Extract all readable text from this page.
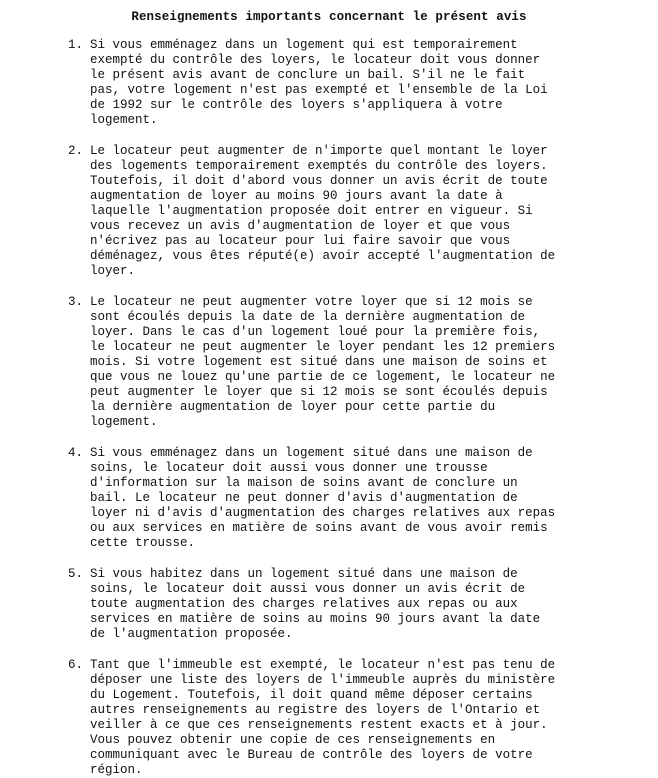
Renseignements importants concernant le présent avis
1. Si vous emménagez dans un logement qui est temporairement
exempté du contrôle des loyers, le locateur doit vous donner
le présent avis avant de conclure un bail. S'il ne le fait
pas, votre logement n'est pas exempté et l'ensemble de la Loi
de 1992 sur le contrôle des loyers s'appliquera à votre
logement.
2. Le locateur peut augmenter de n'importe quel montant le loyer
des logements temporairement exemptés du contrôle des loyers.
Toutefois, il doit d'abord vous donner un avis écrit de toute
augmentation de loyer au moins 90 jours avant la date à
laquelle l'augmentation proposée doit entrer en vigueur. Si
vous recevez un avis d'augmentation de loyer et que vous
n'écrivez pas au locateur pour lui faire savoir que vous
déménagez, vous êtes réputé(e) avoir accepté l'augmentation de
loyer.
3. Le locateur ne peut augmenter votre loyer que si 12 mois se
sont écoulés depuis la date de la dernière augmentation de
loyer. Dans le cas d'un logement loué pour la première fois,
le locateur ne peut augmenter le loyer pendant les 12 premiers
mois. Si votre logement est situé dans une maison de soins et
que vous ne louez qu'une partie de ce logement, le locateur ne
peut augmenter le loyer que si 12 mois se sont écoulés depuis
la dernière augmentation de loyer pour cette partie du
logement.
4. Si vous emménagez dans un logement situé dans une maison de
soins, le locateur doit aussi vous donner une trousse
d'information sur la maison de soins avant de conclure un
bail. Le locateur ne peut donner d'avis d'augmentation de
loyer ni d'avis d'augmentation des charges relatives aux repas
ou aux services en matière de soins avant de vous avoir remis
cette trousse.
5. Si vous habitez dans un logement situé dans une maison de
soins, le locateur doit aussi vous donner un avis écrit de
toute augmentation des charges relatives aux repas ou aux
services en matière de soins au moins 90 jours avant la date
de l'augmentation proposée.
6. Tant que l'immeuble est exempté, le locateur n'est pas tenu de
déposer une liste des loyers de l'immeuble auprès du ministère
du Logement. Toutefois, il doit quand même déposer certains
autres renseignements au registre des loyers de l'Ontario et
veiller à ce que ces renseignements restent exacts et à jour.
Vous pouvez obtenir une copie de ces renseignements en
communiquant avec le Bureau de contrôle des loyers de votre
région.
